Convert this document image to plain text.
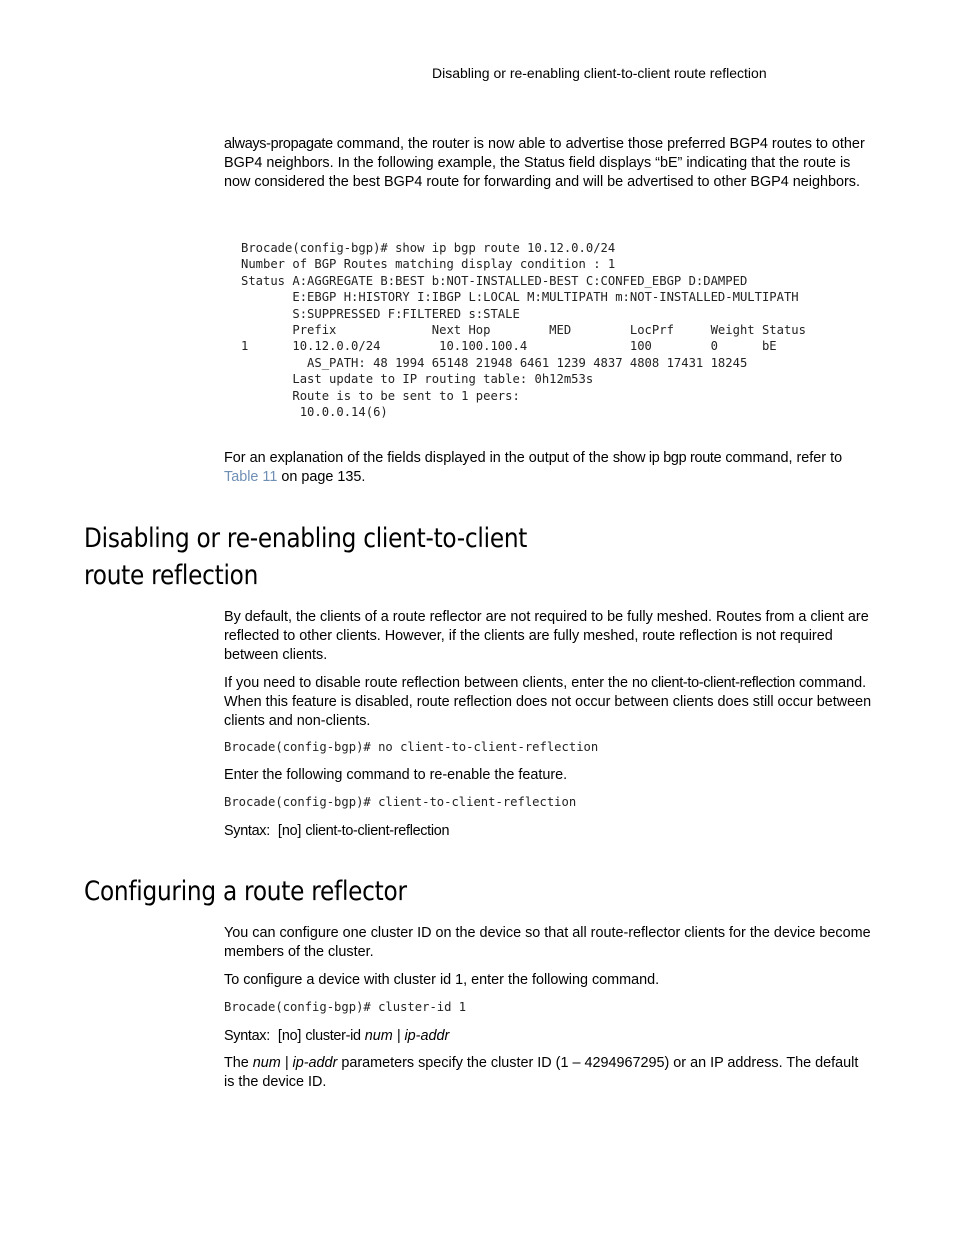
Disabling or re-enabling client-to-client route reflection

always-propagate command, the router is now able to advertise those preferred BGP4 routes to other BGP4 neighbors. In the following example, the Status field displays “bE” indicating that the route is now considered the best BGP4 route for forwarding and will be advertised to other BGP4 neighbors.

Brocade(config-bgp)# show ip bgp route 10.12.0.0/24
Number of BGP Routes matching display condition : 1
Status A:AGGREGATE B:BEST b:NOT-INSTALLED-BEST C:CONFED_EBGP D:DAMPED
E:EBGP H:HISTORY I:IBGP L:LOCAL M:MULTIPATH m:NOT-INSTALLED-MULTIPATH
S:SUPPRESSED F:FILTERED s:STALE
Prefix             Next Hop        MED        LocPrf     Weight Status
1      10.12.0.0/24        10.100.100.4              100        0      bE
AS_PATH: 48 1994 65148 21948 6461 1239 4837 4808 17431 18245
Last update to IP routing table: 0h12m53s
Route is to be sent to 1 peers:
10.0.0.14(6)

For an explanation of the fields displayed in the output of the show ip bgp route command, refer to Table 11 on page 135.

Disabling or re-enabling client-to-client
route reflection

By default, the clients of a route reflector are not required to be fully meshed. Routes from a client are reflected to other clients. However, if the clients are fully meshed, route reflection is not required between clients.

If you need to disable route reflection between clients, enter the no client-to-client-reflection command. When this feature is disabled, route reflection does not occur between clients does still occur between clients and non-clients.

Brocade(config-bgp)# no client-to-client-reflection

Enter the following command to re-enable the feature.

Brocade(config-bgp)# client-to-client-reflection

Syntax: [no] client-to-client-reflection

Configuring a route reflector

You can configure one cluster ID on the device so that all route-reflector clients for the device become members of the cluster.

To configure a device with cluster id 1, enter the following command.

Brocade(config-bgp)# cluster-id 1

Syntax: [no] cluster-id num | ip-addr

The num | ip-addr parameters specify the cluster ID (1 – 4294967295) or an IP address. The default is the device ID.
